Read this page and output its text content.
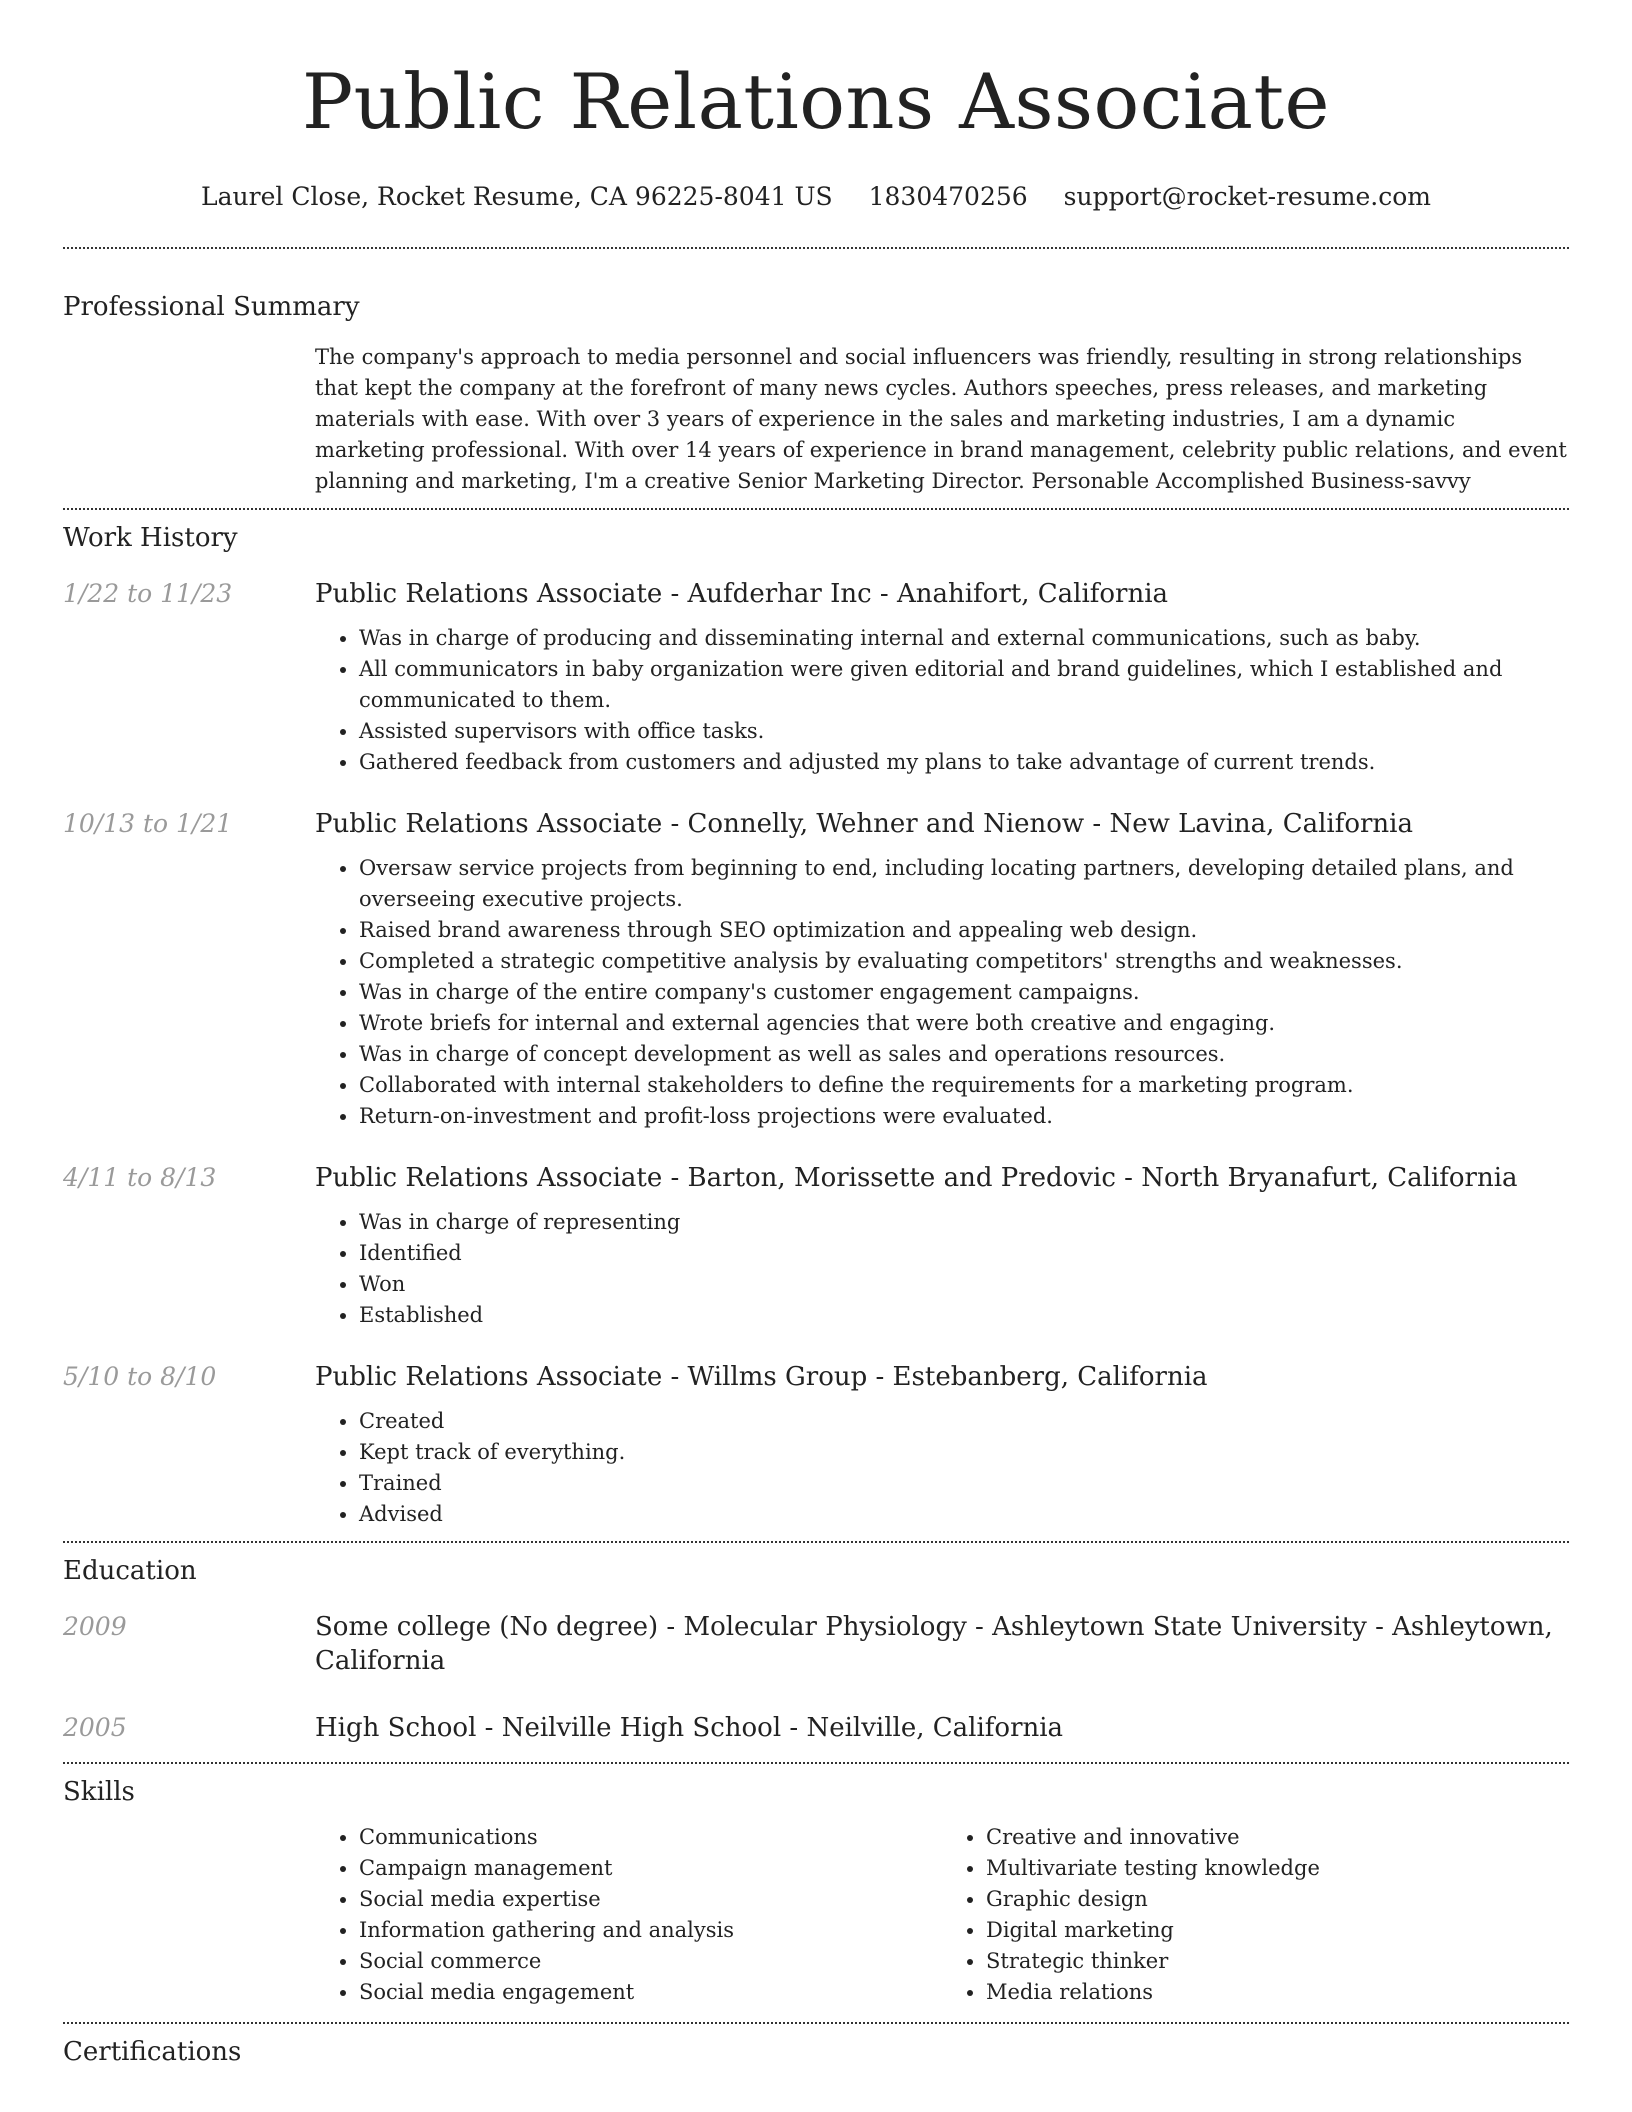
Public Relations Associate
Laurel Close, Rocket Resume, CA 96225-8041 US 1830470256 support@rocket-resume.com
Professional Summary
The company's approach to media personnel and social influencers was friendly, resulting in strong relationships that kept the company at the forefront of many news cycles. Authors speeches, press releases, and marketing materials with ease. With over 3 years of experience in the sales and marketing industries, I am a dynamic marketing professional. With over 14 years of experience in brand management, celebrity public relations, and event planning and marketing, I'm a creative Senior Marketing Director. Personable Accomplished Business-savvy
Work History
1/22 to 11/23	Public Relations Associate - Aufderhar Inc - Anahifort, California
• Was in charge of producing and disseminating internal and external communications, such as baby.
• All communicators in baby organization were given editorial and brand guidelines, which I established and communicated to them.
• Assisted supervisors with office tasks.
• Gathered feedback from customers and adjusted my plans to take advantage of current trends.
10/13 to 1/21	Public Relations Associate - Connelly, Wehner and Nienow - New Lavina, California
• Oversaw service projects from beginning to end, including locating partners, developing detailed plans, and overseeing executive projects.
• Raised brand awareness through SEO optimization and appealing web design.
• Completed a strategic competitive analysis by evaluating competitors' strengths and weaknesses.
• Was in charge of the entire company's customer engagement campaigns.
• Wrote briefs for internal and external agencies that were both creative and engaging.
• Was in charge of concept development as well as sales and operations resources.
• Collaborated with internal stakeholders to define the requirements for a marketing program.
• Return-on-investment and profit-loss projections were evaluated.
4/11 to 8/13	Public Relations Associate - Barton, Morissette and Predovic - North Bryanafurt, California
• Was in charge of representing
• Identified
• Won
• Established
5/10 to 8/10	Public Relations Associate - Willms Group - Estebanberg, California
• Created
• Kept track of everything.
• Trained
• Advised
Education
2009	Some college (No degree) - Molecular Physiology - Ashleytown State University - Ashleytown, California
2005	High School - Neilville High School - Neilville, California
Skills
• Communications
• Campaign management
• Social media expertise
• Information gathering and analysis
• Social commerce
• Social media engagement
• Creative and innovative
• Multivariate testing knowledge
• Graphic design
• Digital marketing
• Strategic thinker
• Media relations
Certifications
